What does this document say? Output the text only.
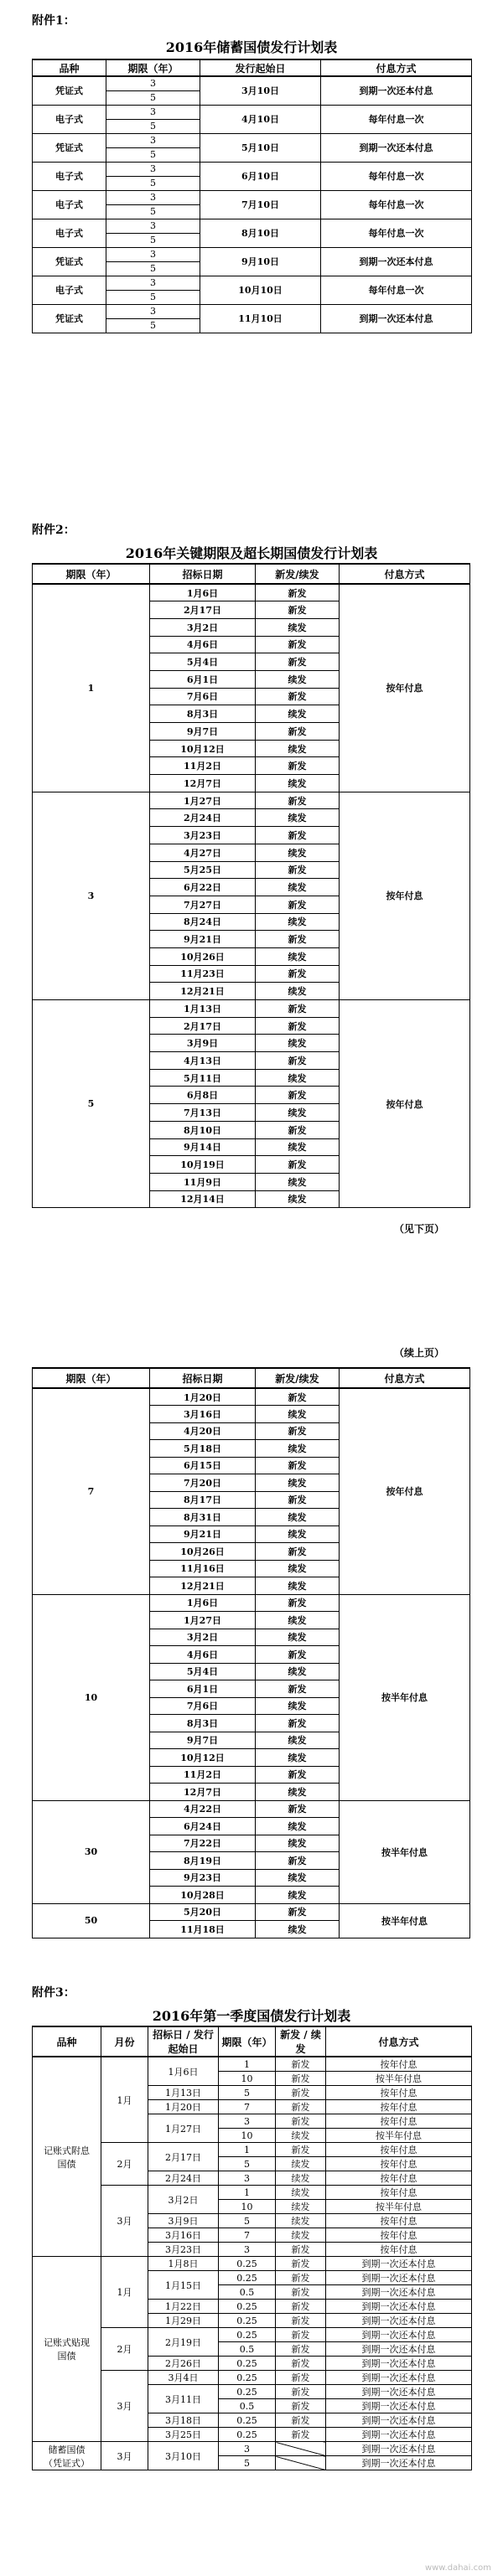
附件1：
2016年储蓄国债发行计划表
品种	期限（年）	发行起始日	付息方式
凭证式	3	3月10日	到期一次还本付息
	5		
电子式	3	4月10日	每年付息一次
	5		
凭证式	3	5月10日	到期一次还本付息
	5		
电子式	3	6月10日	每年付息一次
	5		
电子式	3	7月10日	每年付息一次
	5		
电子式	3	8月10日	每年付息一次
	5		
凭证式	3	9月10日	到期一次还本付息
	5		
电子式	3	10月10日	每年付息一次
	5		
凭证式	3	11月10日	到期一次还本付息
	5		
附件2：
2016年关键期限及超长期国债发行计划表
期限（年）	招标日期	新发/续发	付息方式
1	1月6日	新发	按年付息
	2月17日	新发	
	3月2日	续发	
	4月6日	新发	
	5月4日	新发	
	6月1日	续发	
	7月6日	新发	
	8月3日	续发	
	9月7日	新发	
	10月12日	续发	
	11月2日	新发	
	12月7日	续发	
3	1月27日	新发	按年付息
	2月24日	续发	
	3月23日	新发	
	4月27日	续发	
	5月25日	新发	
	6月22日	续发	
	7月27日	新发	
	8月24日	续发	
	9月21日	新发	
	10月26日	续发	
	11月23日	新发	
	12月21日	续发	
5	1月13日	新发	按年付息
	2月17日	新发	
	3月9日	续发	
	4月13日	新发	
	5月11日	续发	
	6月8日	新发	
	7月13日	续发	
	8月10日	新发	
	9月14日	续发	
	10月19日	新发	
	11月9日	续发	
	12月14日	续发	
（见下页）
（续上页）
期限（年）	招标日期	新发/续发	付息方式
7	1月20日	新发	按年付息
	3月16日	续发	
	4月20日	新发	
	5月18日	续发	
	6月15日	新发	
	7月20日	续发	
	8月17日	新发	
	8月31日	续发	
	9月21日	续发	
	10月26日	新发	
	11月16日	续发	
	12月21日	续发	
10	1月6日	新发	按半年付息
	1月27日	续发	
	3月2日	续发	
	4月6日	新发	
	5月4日	续发	
	6月1日	新发	
	7月6日	续发	
	8月3日	新发	
	9月7日	续发	
	10月12日	续发	
	11月2日	新发	
	12月7日	续发	
30	4月22日	新发	按半年付息
	6月24日	续发	
	7月22日	续发	
	8月19日	新发	
	9月23日	续发	
	10月28日	续发	
50	5月20日	新发	按半年付息
	11月18日	续发	
附件3：
2016年第一季度国债发行计划表
品种	月份	招标日 / 发行起始日	期限（年）	新发 / 续发	付息方式
记账式附息国债	1月	1月6日	1	新发	按年付息
			10	新发	按半年付息
		1月13日	5	新发	按年付息
		1月20日	7	新发	按年付息
		1月27日	3	新发	按年付息
			10	续发	按半年付息
	2月	2月17日	1	新发	按年付息
			5	续发	按年付息
		2月24日	3	续发	按年付息
	3月	3月2日	1	续发	按年付息
			10	续发	按半年付息
		3月9日	5	续发	按年付息
		3月16日	7	续发	按年付息
		3月23日	3	新发	按年付息
记账式贴现国债	1月	1月8日	0.25	新发	到期一次还本付息
		1月15日	0.25	新发	到期一次还本付息
			0.5	新发	到期一次还本付息
		1月22日	0.25	新发	到期一次还本付息
		1月29日	0.25	新发	到期一次还本付息
	2月	2月19日	0.25	新发	到期一次还本付息
			0.5	新发	到期一次还本付息
		2月26日	0.25	新发	到期一次还本付息
	3月	3月4日	0.25	新发	到期一次还本付息
		3月11日	0.25	新发	到期一次还本付息
			0.5	新发	到期一次还本付息
		3月18日	0.25	新发	到期一次还本付息
		3月25日	0.25	新发	到期一次还本付息
储蓄国债（凭证式）	3月	3月10日	3		到期一次还本付息
			5		到期一次还本付息
www.dahai.com
